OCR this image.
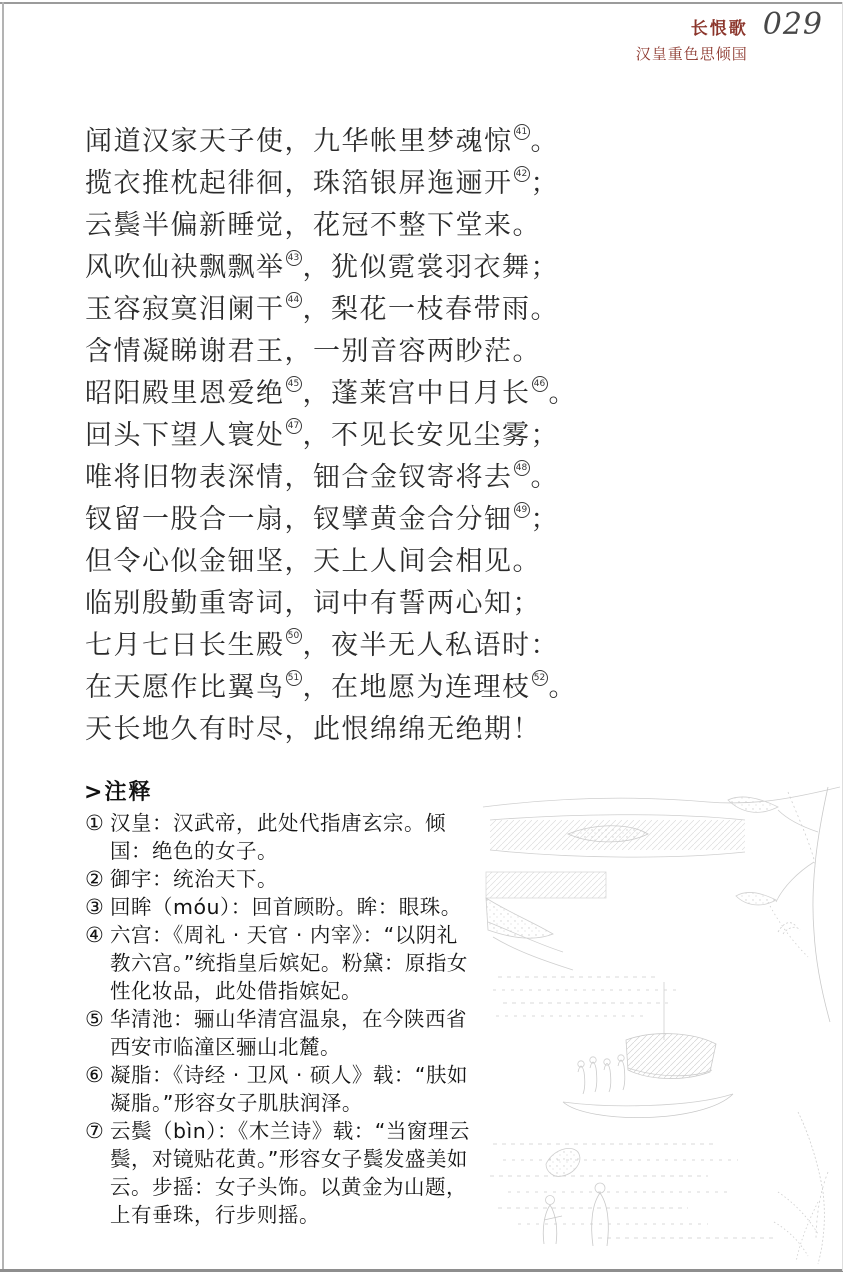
长恨歌
汉皇重色思倾国
029
闻道汉家天子使，九华帐里梦魂惊 41 。
揽衣推枕起徘徊，珠箔银屏迤逦开 42 ；
云鬓半偏新睡觉，花冠不整下堂来。
风吹仙袂飘飘举 43 ，犹似霓裳羽衣舞；
玉容寂寞泪阑干 44 ，梨花一枝春带雨。
含情凝睇谢君王，一别音容两眇茫。
昭阳殿里恩爱绝 45 ，蓬莱宫中日月长 46 。
回头下望人寰处 47 ，不见长安见尘雾；
唯将旧物表深情，钿合金钗寄将去 48 。
钗留一股合一扇，钗擘黄金合分钿 49 ；
但令心似金钿坚，天上人间会相见。
临别殷勤重寄词，词中有誓两心知；
七月七日长生殿 50 ，夜半无人私语时：
在天愿作比翼鸟 51 ，在地愿为连理枝 52 。
天长地久有时尽，此恨绵绵无绝期！
>注释
① 汉皇：汉武帝，此处代指唐玄宗。倾国：绝色的女子。
② 御宇：统治天下。
③ 回眸（móu）：回首顾盼。眸：眼珠。
④ 六宫：《周礼 · 天官 · 内宰》：“以阴礼教六宫。”统指皇后嫔妃。粉黛：原指女性化妆品，此处借指嫔妃。
⑤ 华清池：骊山华清宫温泉，在今陕西省西安市临潼区骊山北麓。
⑥ 凝脂：《诗经 · 卫风 · 硕人》载：“肤如凝脂。”形容女子肌肤润泽。
⑦ 云鬓（bìn）：《木兰诗》载：“当窗理云鬓，对镜贴花黄。”形容女子鬓发盛美如云。步摇：女子头饰。以黄金为山题，上有垂珠，行步则摇。
